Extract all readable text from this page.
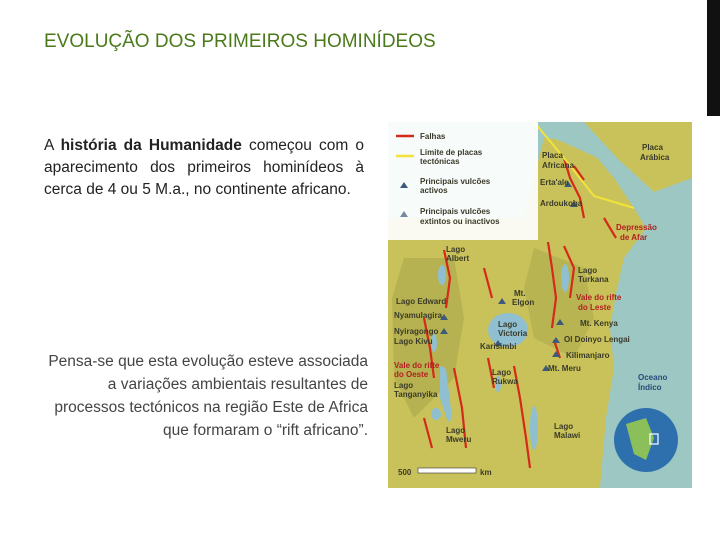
EVOLUÇÃO DOS PRIMEIROS HOMINÍDEOS
A história da Humanidade começou com o aparecimento dos primeiros hominídeos à cerca de 4 ou 5 M.a., no continente africano.
Pensa-se que esta evolução esteve associada a variações ambientais resultantes de processos tectónicos na região Este de Africa que formaram o “rift africano”.
Falhas
Limite de placas
tectónicas
Principais vulcões
activos
Principais vulcões
extintos ou inactivos
Placa
Africana
Placa
Arábica
Erta'ale
Ardoukoba
Depressão
de Afar
Lago
Albert
Lago
Turkana
Lago Edward
Mt.
Elgon
Vale do rifte
do Leste
Nyamulagira
Lago
Victoria
Mt. Kenya
Nyiragongo
Lago Kivu
Karisimbi
Ol Doinyo Lengai
Kilimanjaro
Vale do rifte
do Oeste
Lago
Tanganyika
Lago
Rukwa
Mt. Meru
Oceano
Índico
Lago
Mweru
Lago
Malawi
500	km
